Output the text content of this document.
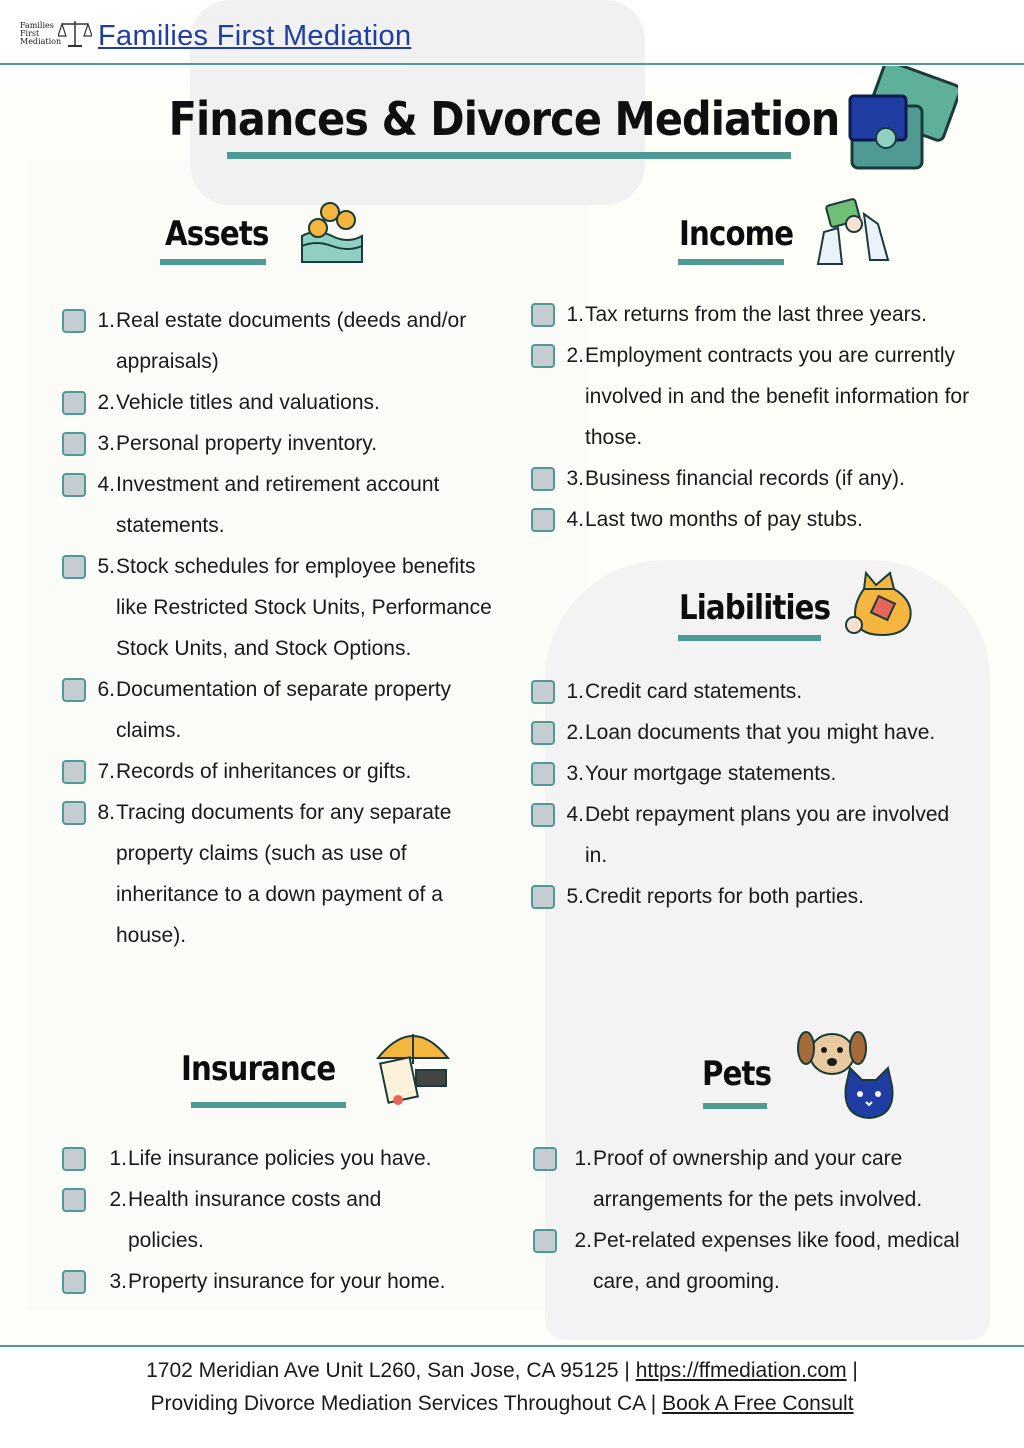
Families
First
Mediation Families First Mediation
Finances & Divorce Mediation
Assets
1. Real estate documents (deeds and/or appraisals)
2. Vehicle titles and valuations.
3. Personal property inventory.
4. Investment and retirement account statements.
5. Stock schedules for employee benefits like Restricted Stock Units, Performance Stock Units, and Stock Options.
6. Documentation of separate property claims.
7. Records of inheritances or gifts.
8. Tracing documents for any separate property claims (such as use of inheritance to a down payment of a house).
Income
1. Tax returns from the last three years.
2. Employment contracts you are currently involved in and the benefit information for those.
3. Business financial records (if any).
4. Last two months of pay stubs.
Liabilities
1. Credit card statements.
2. Loan documents that you might have.
3. Your mortgage statements.
4. Debt repayment plans you are involved in.
5. Credit reports for both parties.
Insurance
1. Life insurance policies you have.
2. Health insurance costs and policies.
3. Property insurance for your home.
Pets
1. Proof of ownership and your care arrangements for the pets involved.
2. Pet-related expenses like food, medical care, and grooming.
1702 Meridian Ave Unit L260, San Jose, CA 95125 | https://ffmediation.com |
Providing Divorce Mediation Services Throughout CA | Book A Free Consult
